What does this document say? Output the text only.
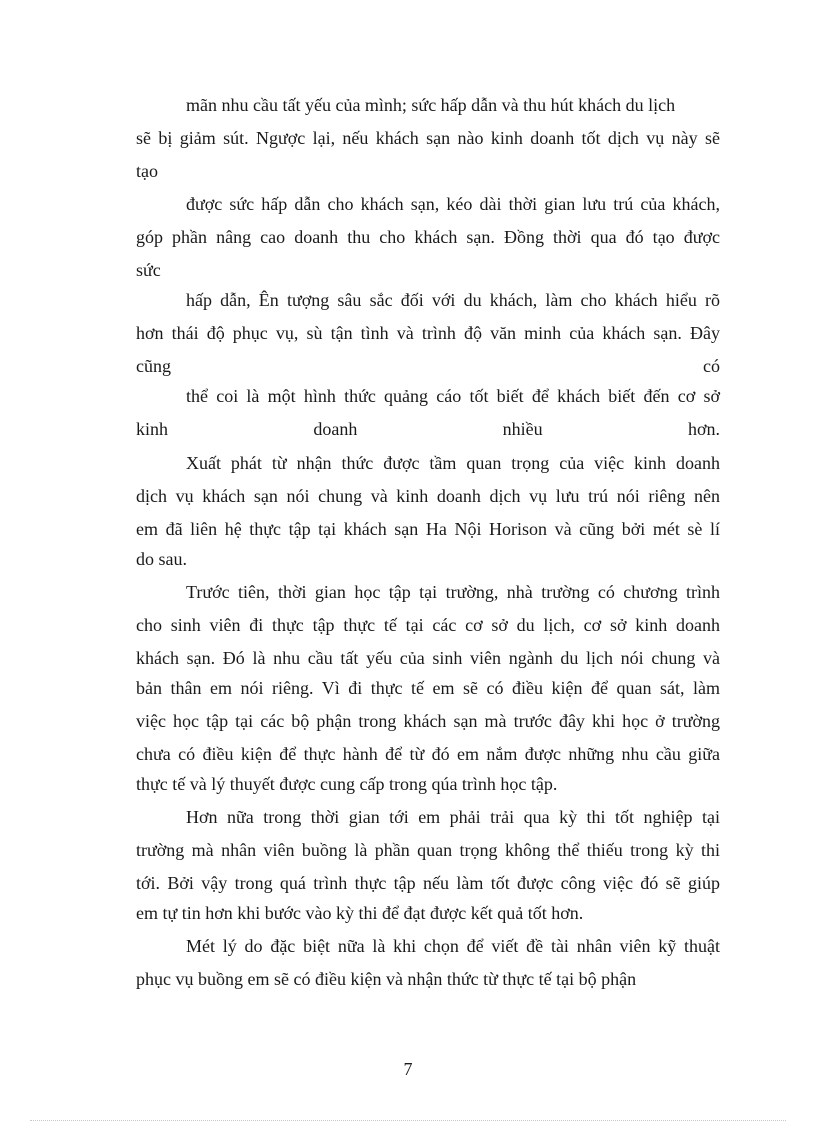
mãn nhu cầu tất yếu của mình; sức hấp dẫn và thu hút khách du lịch
sẽ bị giảm sút. Ngược lại, nếu khách sạn nào kinh doanh tốt dịch vụ này sẽ
tạo
được sức hấp dẫn cho khách sạn, kéo dài thời gian lưu trú của khách,
góp phần nâng cao doanh thu cho khách sạn. Đồng thời qua đó tạo được
sức
hấp dẫn, Ên tượng sâu sắc đối với du khách, làm cho khách hiểu rõ
hơn thái độ phục vụ, sù tận tình và trình độ văn minh của khách sạn. Đây
cũng có
thể coi là một hình thức quảng cáo tốt biết để khách biết đến cơ sở
kinh doanh nhiều hơn.
Xuất phát từ nhận thức được tầm quan trọng của việc kinh doanh
dịch vụ khách sạn nói chung và kinh doanh dịch vụ lưu trú nói riêng nên
em đã liên hệ thực tập tại khách sạn Ha Nội Horison và cũng bởi mét sè lí
do sau.
Trước tiên, thời gian học tập tại trường, nhà trường có chương trình
cho sinh viên đi thực tập thực tế tại các cơ sở du lịch, cơ sở kinh doanh
khách sạn. Đó là nhu cầu tất yếu của sinh viên ngành du lịch nói chung và
bản thân em nói riêng. Vì đi thực tế em sẽ có điều kiện để quan sát, làm
việc học tập tại các bộ phận trong khách sạn mà trước đây khi học ở trường
chưa có điều kiện để thực hành để từ đó em nắm được những nhu cầu giữa
thực tế và lý thuyết được cung cấp trong qúa trình học tập.
Hơn nữa trong thời gian tới em phải trải qua kỳ thi tốt nghiệp tại
trường mà nhân viên buồng là phần quan trọng không thể thiếu trong kỳ thi
tới. Bởi vậy trong quá trình thực tập nếu làm tốt được công việc đó sẽ giúp
em tự tin hơn khi bước vào kỳ thi để đạt được kết quả tốt hơn.
Mét lý do đặc biệt nữa là khi chọn để viết đề tài nhân viên kỹ thuật
phục vụ buồng em sẽ có điều kiện và nhận thức từ thực tế tại bộ phận
7
